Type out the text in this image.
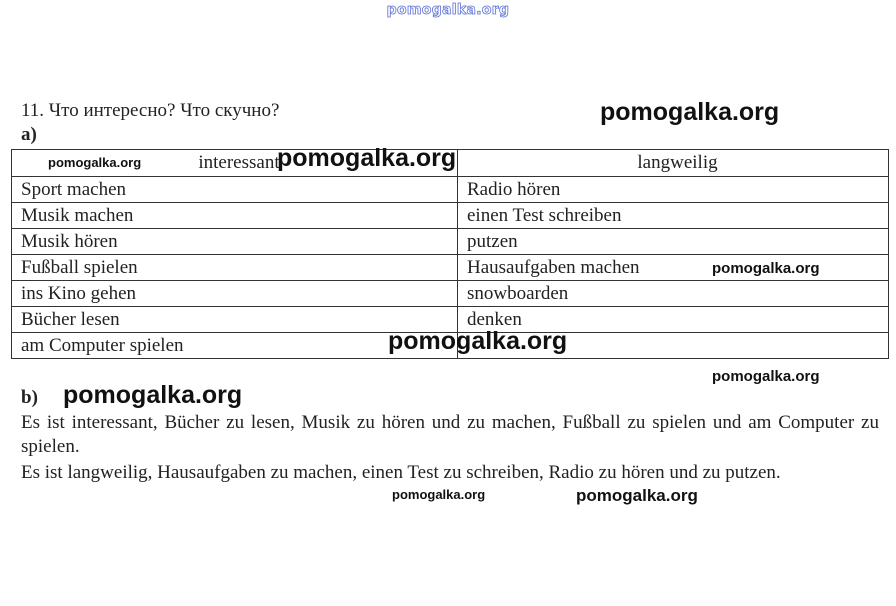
pomogalka.org
11. Что интересно? Что скучно?	pomogalka.org
a)
interessant	langweilig
Sport machen	Radio hören
Musik machen	einen Test schreiben
Musik hören	putzen
Fußball spielen	Hausaufgaben machen
ins Kino gehen	snowboarden
Bücher lesen	denken
am Computer spielen	
pomogalka.org	pomogalka.org
pomogalka.org
pomogalka.org
pomogalka.org
b) pomogalka.org
Es ist interessant, Bücher zu lesen, Musik zu hören und zu machen, Fußball zu spielen und am Computer zu spielen.
Es ist langweilig, Hausaufgaben zu machen, einen Test zu schreiben, Radio zu hören und zu putzen.
pomogalka.org	pomogalka.org
